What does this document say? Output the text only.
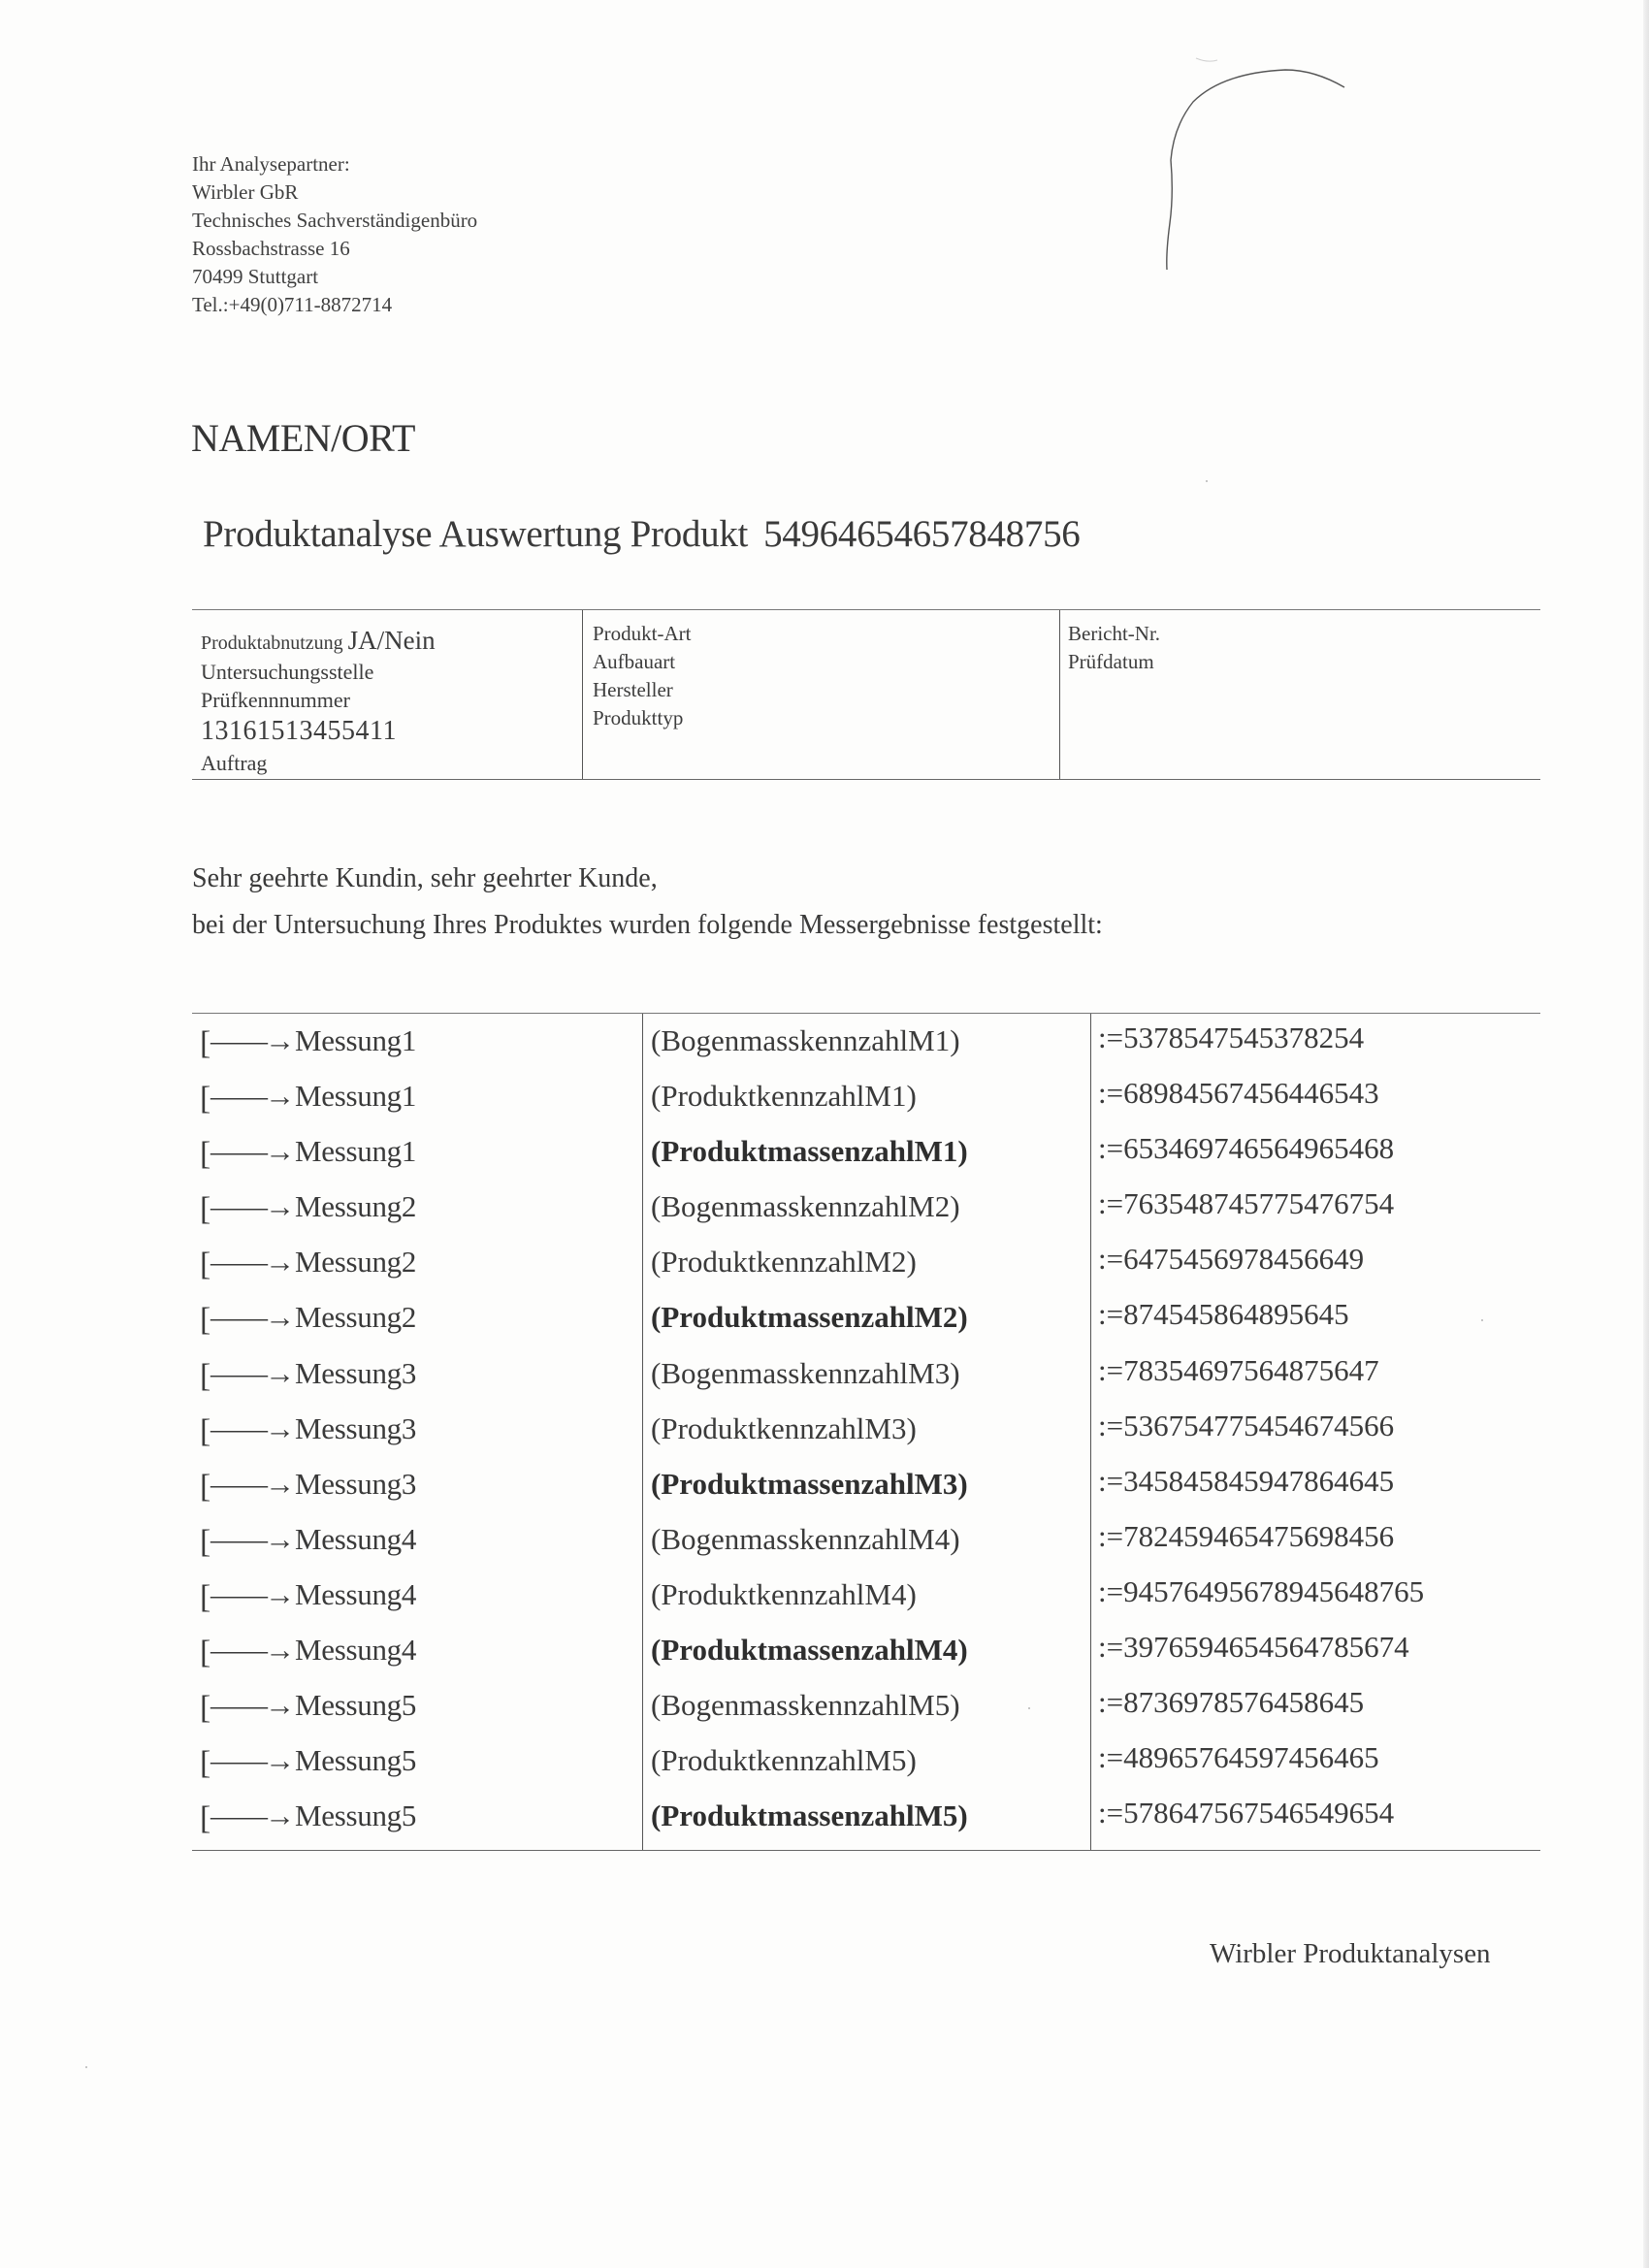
Ihr Analysepartner:
Wirbler GbR
Technisches Sachverständigenbüro
Rossbachstrasse 16
70499 Stuttgart
Tel.:+49(0)711-8872714
NAMEN/ORT
Produktanalyse Auswertung Produkt 54964654657848756
Produktabnutzung JA/Nein
Untersuchungsstelle
Prüfkennnummer
13161513455411
Auftrag
Produkt-Art
Aufbauart
Hersteller
Produkttyp
Bericht-Nr.
Prüfdatum
Sehr geehrte Kundin, sehr geehrter Kunde,
bei der Untersuchung Ihres Produktes wurden folgende Messergebnisse festgestellt:
[——→Messung1
[——→Messung1
[——→Messung1
[——→Messung2
[——→Messung2
[——→Messung2
[——→Messung3
[——→Messung3
[——→Messung3
[——→Messung4
[——→Messung4
[——→Messung4
[——→Messung5
[——→Messung5
[——→Messung5
(BogenmasskennzahlM1)
(ProduktkennzahlM1)
(ProduktmassenzahlM1)
(BogenmasskennzahlM2)
(ProduktkennzahlM2)
(ProduktmassenzahlM2)
(BogenmasskennzahlM3)
(ProduktkennzahlM3)
(ProduktmassenzahlM3)
(BogenmasskennzahlM4)
(ProduktkennzahlM4)
(ProduktmassenzahlM4)
(BogenmasskennzahlM5)
(ProduktkennzahlM5)
(ProduktmassenzahlM5)
:=5378547545378254
:=68984567456446543
:=653469746564965468
:=763548745775476754
:=6475456978456649
:=874545864895645
:=78354697564875647
:=536754775454674566
:=345845845947864645
:=782459465475698456
:=9457649567894564876​5
:=3976594654564785674
:=8736978576458645
:=48965764597456465
:=578647567546549654
Wirbler Produktanalysen
